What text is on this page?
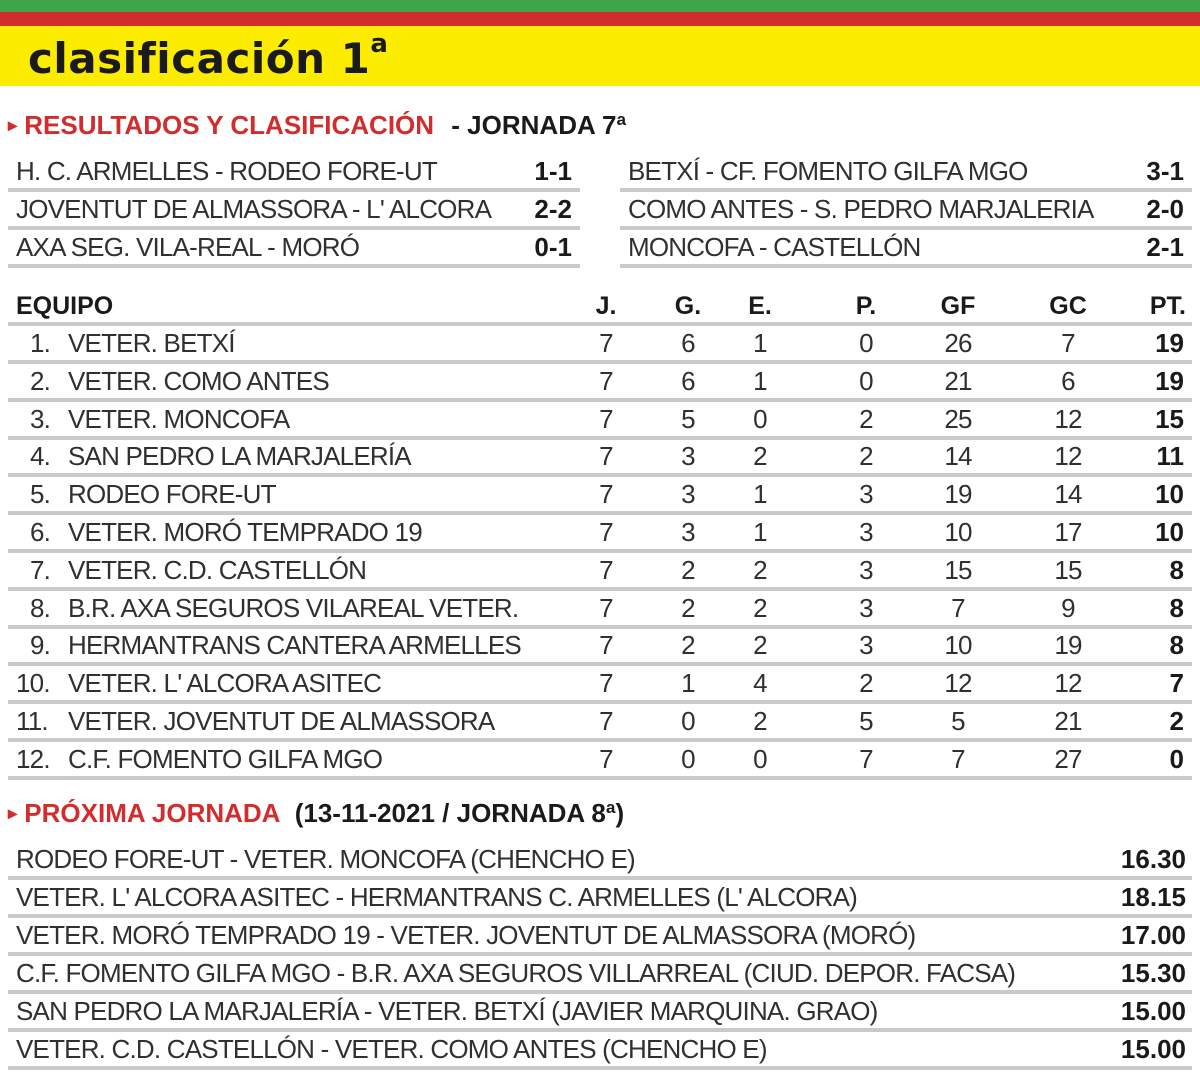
clasificación 1$^a$
▸ RESULTADOS Y CLASIFICACIÓN - JORNADA 7ª
H. C. ARMELLES - RODEO FORE-UT	1-1
JOVENTUT DE ALMASSORA - L' ALCORA 2-2
AXA SEG. VILA-REAL - MORÓ	0-1
BETXÍ - CF. FOMENTO GILFA MGO	3-1
COMO ANTES - S. PEDRO MARJALERIA 2-0
MONCOFA - CASTELLÓN	2-1
EQUIPO	J. G. E.	P.	GF	GC	PT.
1. VETER. BETXÍ	7	6 1	0	26	7	19
2. VETER. COMO ANTES	7	6 1	0	21	6	19
3. VETER. MONCOFA	7	5 0	2	25	12	15
4. SAN PEDRO LA MARJALERÍA	7	3 2	2	14	12	11
5. RODEO FORE-UT	7	3 1	3	19	14	10
6. VETER. MORÓ TEMPRADO 19	7	3 1	3	10	17	10
7. VETER. C.D. CASTELLÓN	7	2 2	3	15	15	8
8. B.R. AXA SEGUROS VILAREAL VETER.	7	2 2	3	7	9	8
9. HERMANTRANS CANTERA ARMELLES	7	2 2	3	10	19	8
10. VETER. L' ALCORA ASITEC	7	1 4	2	12	12	7
11. VETER. JOVENTUT DE ALMASSORA	7	0 2	5	5	21	2
12. C.F. FOMENTO GILFA MGO	7	0 0	7	7	27	0
▸ PRÓXIMA JORNADA (13-11-2021 / JORNADA 8ª)
RODEO FORE-UT - VETER. MONCOFA (CHENCHO E)	16.30
VETER. L' ALCORA ASITEC - HERMANTRANS C. ARMELLES (L' ALCORA)	18.15
VETER. MORÓ TEMPRADO 19 - VETER. JOVENTUT DE ALMASSORA (MORÓ)	17.00
C.F. FOMENTO GILFA MGO - B.R. AXA SEGUROS VILLARREAL (CIUD. DEPOR. FACSA)	15.30
SAN PEDRO LA MARJALERÍA - VETER. BETXÍ (JAVIER MARQUINA. GRAO)	15.00
VETER. C.D. CASTELLÓN - VETER. COMO ANTES (CHENCHO E)	15.00
